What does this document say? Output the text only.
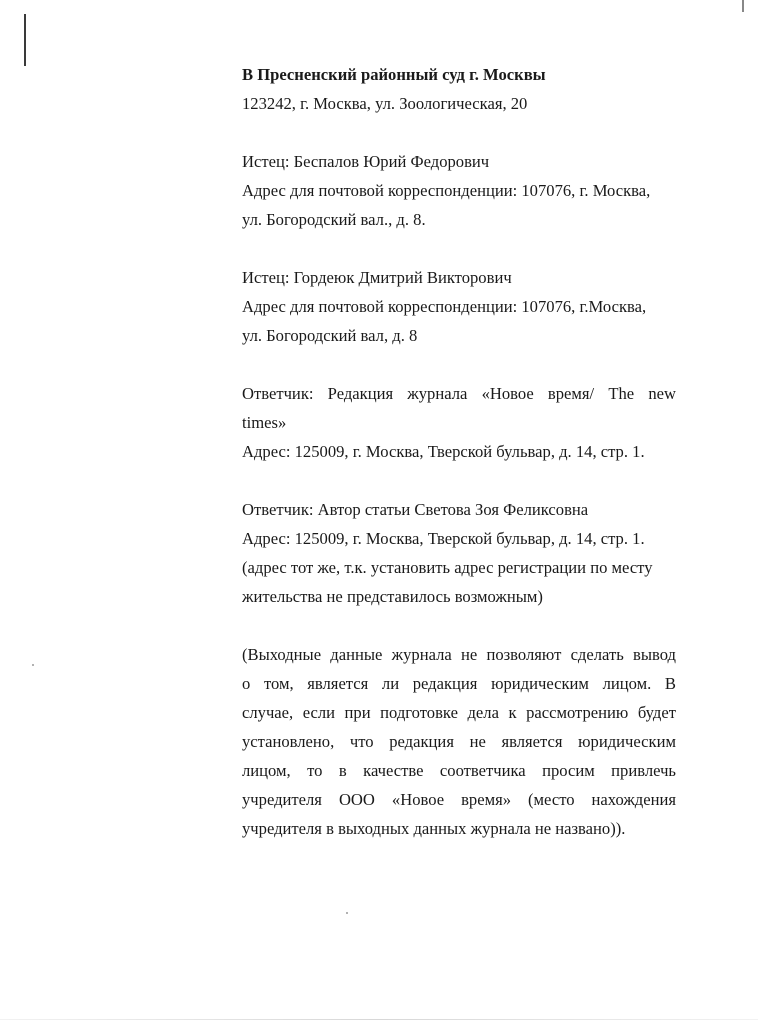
В Пресненский районный суд г. Москвы
123242, г. Москва, ул. Зоологическая, 20
Истец: Беспалов Юрий Федорович
Адрес для почтовой корреспонденции: 107076, г. Москва,
ул. Богородский вал., д. 8.
Истец: Гордеюк Дмитрий Викторович
Адрес для почтовой корреспонденции: 107076, г.Москва,
ул. Богородский вал, д. 8
Ответчик: Редакция журнала «Новое время/ The new
times»
Адрес: 125009, г. Москва, Тверской бульвар, д. 14, стр. 1.
Ответчик: Автор статьи Светова Зоя Феликсовна
Адрес: 125009, г. Москва, Тверской бульвар, д. 14, стр. 1.
(адрес тот же, т.к. установить адрес регистрации по месту
жительства не представилось возможным)
(Выходные данные журнала не позволяют сделать вывод
о том, является ли редакция юридическим лицом. В
случае, если при подготовке дела к рассмотрению будет
установлено, что редакция не является юридическим
лицом, то в качестве соответчика просим привлечь
учредителя ООО «Новое время» (место нахождения
учредителя в выходных данных журнала не названо)).
